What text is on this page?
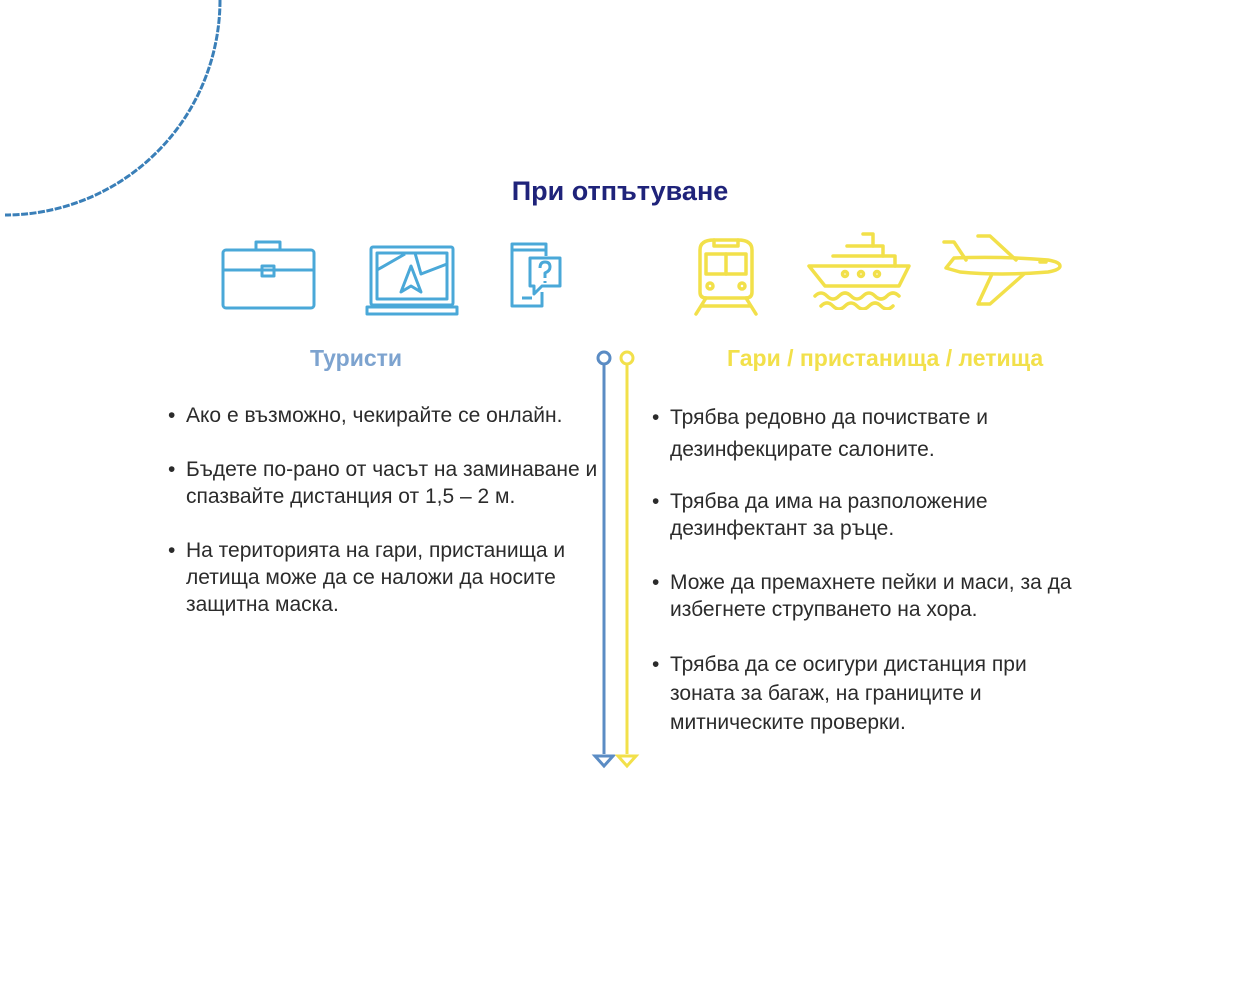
При отпътуване
Туристи	Гари / пристанища / летища
• Ако е възможно, чекирайте се онлайн.
• Бъдете по-рано от часът на заминаване и спазвайте дистанция от 1,5 – 2 м.
• На територията на гари, пристанища и летища може да се наложи да носите защитна маска.
• Трябва редовно да почиствате и дезинфекцирате салоните.
• Трябва да има на разположение дезинфектант за ръце.
• Може да премахнете пейки и маси, за да избегнете струпването на хора.
• Трябва да се осигури дистанция при зоната за багаж, на границите и митническите проверки.
